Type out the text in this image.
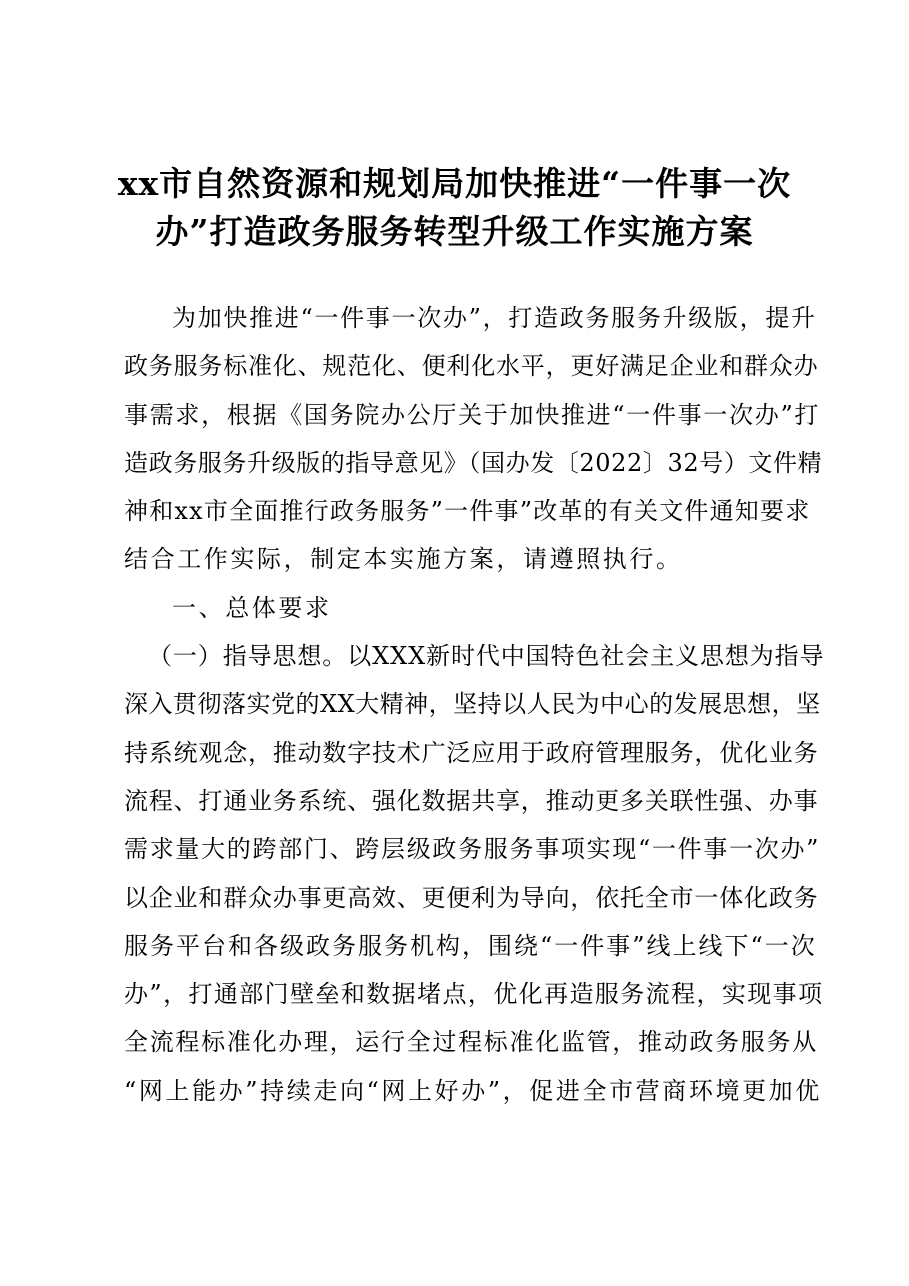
xx市自然资源和规划局加快推进“一件事一次
办”打造政务服务转型升级工作实施方案
为加快推进“一件事一次办”，打造政务服务升级版，提升
政务服务标准化、规范化、便利化水平，更好满足企业和群众办
事需求，根据《国务院办公厅关于加快推进“一件事一次办”打
造政务服务升级版的指导意见》（国办发〔2022〕32号）文件精
神和xx市全面推行政务服务”一件事”改革的有关文件通知要求
结合工作实际，制定本实施方案，请遵照执行。
一、总体要求
（一）指导思想。以XXX新时代中国特色社会主义思想为指导
深入贯彻落实党的XX大精神，坚持以人民为中心的发展思想，坚
持系统观念，推动数字技术广泛应用于政府管理服务，优化业务
流程、打通业务系统、强化数据共享，推动更多关联性强、办事
需求量大的跨部门、跨层级政务服务事项实现“一件事一次办”
以企业和群众办事更高效、更便利为导向，依托全市一体化政务
服务平台和各级政务服务机构，围绕“一件事”线上线下“一次
办”，打通部门壁垒和数据堵点，优化再造服务流程，实现事项
全流程标准化办理，运行全过程标准化监管，推动政务服务从
“网上能办”持续走向“网上好办”，促进全市营商环境更加优
